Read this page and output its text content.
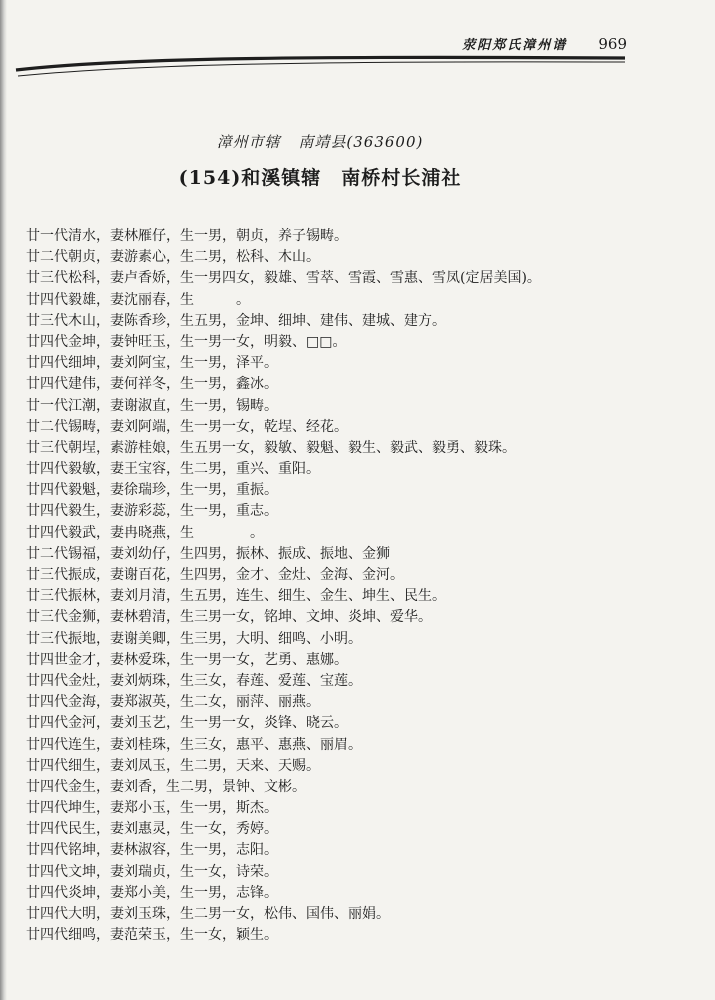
荥阳郑氏漳州谱 969
漳州市辖 南靖县(363600)
(154)和溪镇辖　南桥村长浦社
廿一代清水，妻林雁仔，生一男，朝贞，养子锡畴。
廿二代朝贞，妻游素心，生二男，松科、木山。
廿三代松科，妻卢香娇，生一男四女，毅雄、雪萃、雪霞、雪惠、雪凤(定居美国)。
廿四代毅雄，妻沈丽春，生　　　。
廿三代木山，妻陈香珍，生五男，金坤、细坤、建伟、建城、建方。
廿四代金坤，妻钟旺玉，生一男一女，明毅、□□。
廿四代细坤，妻刘阿宝，生一男，泽平。
廿四代建伟，妻何祥冬，生一男，鑫冰。
廿一代江潮，妻谢淑直，生一男，锡畴。
廿二代锡畴，妻刘阿端，生一男一女，乾埕、经花。
廿三代朝埕，素游桂娘，生五男一女，毅敏、毅魁、毅生、毅武、毅勇、毅珠。
廿四代毅敏，妻王宝容，生二男，重兴、重阳。
廿四代毅魁，妻徐瑞珍，生一男，重振。
廿四代毅生，妻游彩蕊，生一男，重志。
廿四代毅武，妻冉晓燕，生　　　　。
廿二代锡福，妻刘幼仔，生四男，振林、振成、振地、金狮
廿三代振成，妻谢百花，生四男，金才、金灶、金海、金河。
廿三代振林，妻刘月清，生五男，连生、细生、金生、坤生、民生。
廿三代金狮，妻林碧清，生三男一女，铭坤、文坤、炎坤、爱华。
廿三代振地，妻谢美卿，生三男，大明、细鸣、小明。
廿四世金才，妻林爱珠，生一男一女，艺勇、惠娜。
廿四代金灶，妻刘炳珠，生三女，春莲、爱莲、宝莲。
廿四代金海，妻郑淑英，生二女，丽萍、丽燕。
廿四代金河，妻刘玉艺，生一男一女，炎锋、晓云。
廿四代连生，妻刘桂珠，生三女，惠平、惠燕、丽眉。
廿四代细生，妻刘凤玉，生二男，天来、天赐。
廿四代金生，妻刘香，生二男，景钟、文彬。
廿四代坤生，妻郑小玉，生一男，斯杰。
廿四代民生，妻刘惠灵，生一女，秀婷。
廿四代铭坤，妻林淑容，生一男，志阳。
廿四代文坤，妻刘瑞贞，生一女，诗荣。
廿四代炎坤，妻郑小美，生一男，志锋。
廿四代大明，妻刘玉珠，生二男一女，松伟、国伟、丽娟。
廿四代细鸣，妻范荣玉，生一女，颖生。
